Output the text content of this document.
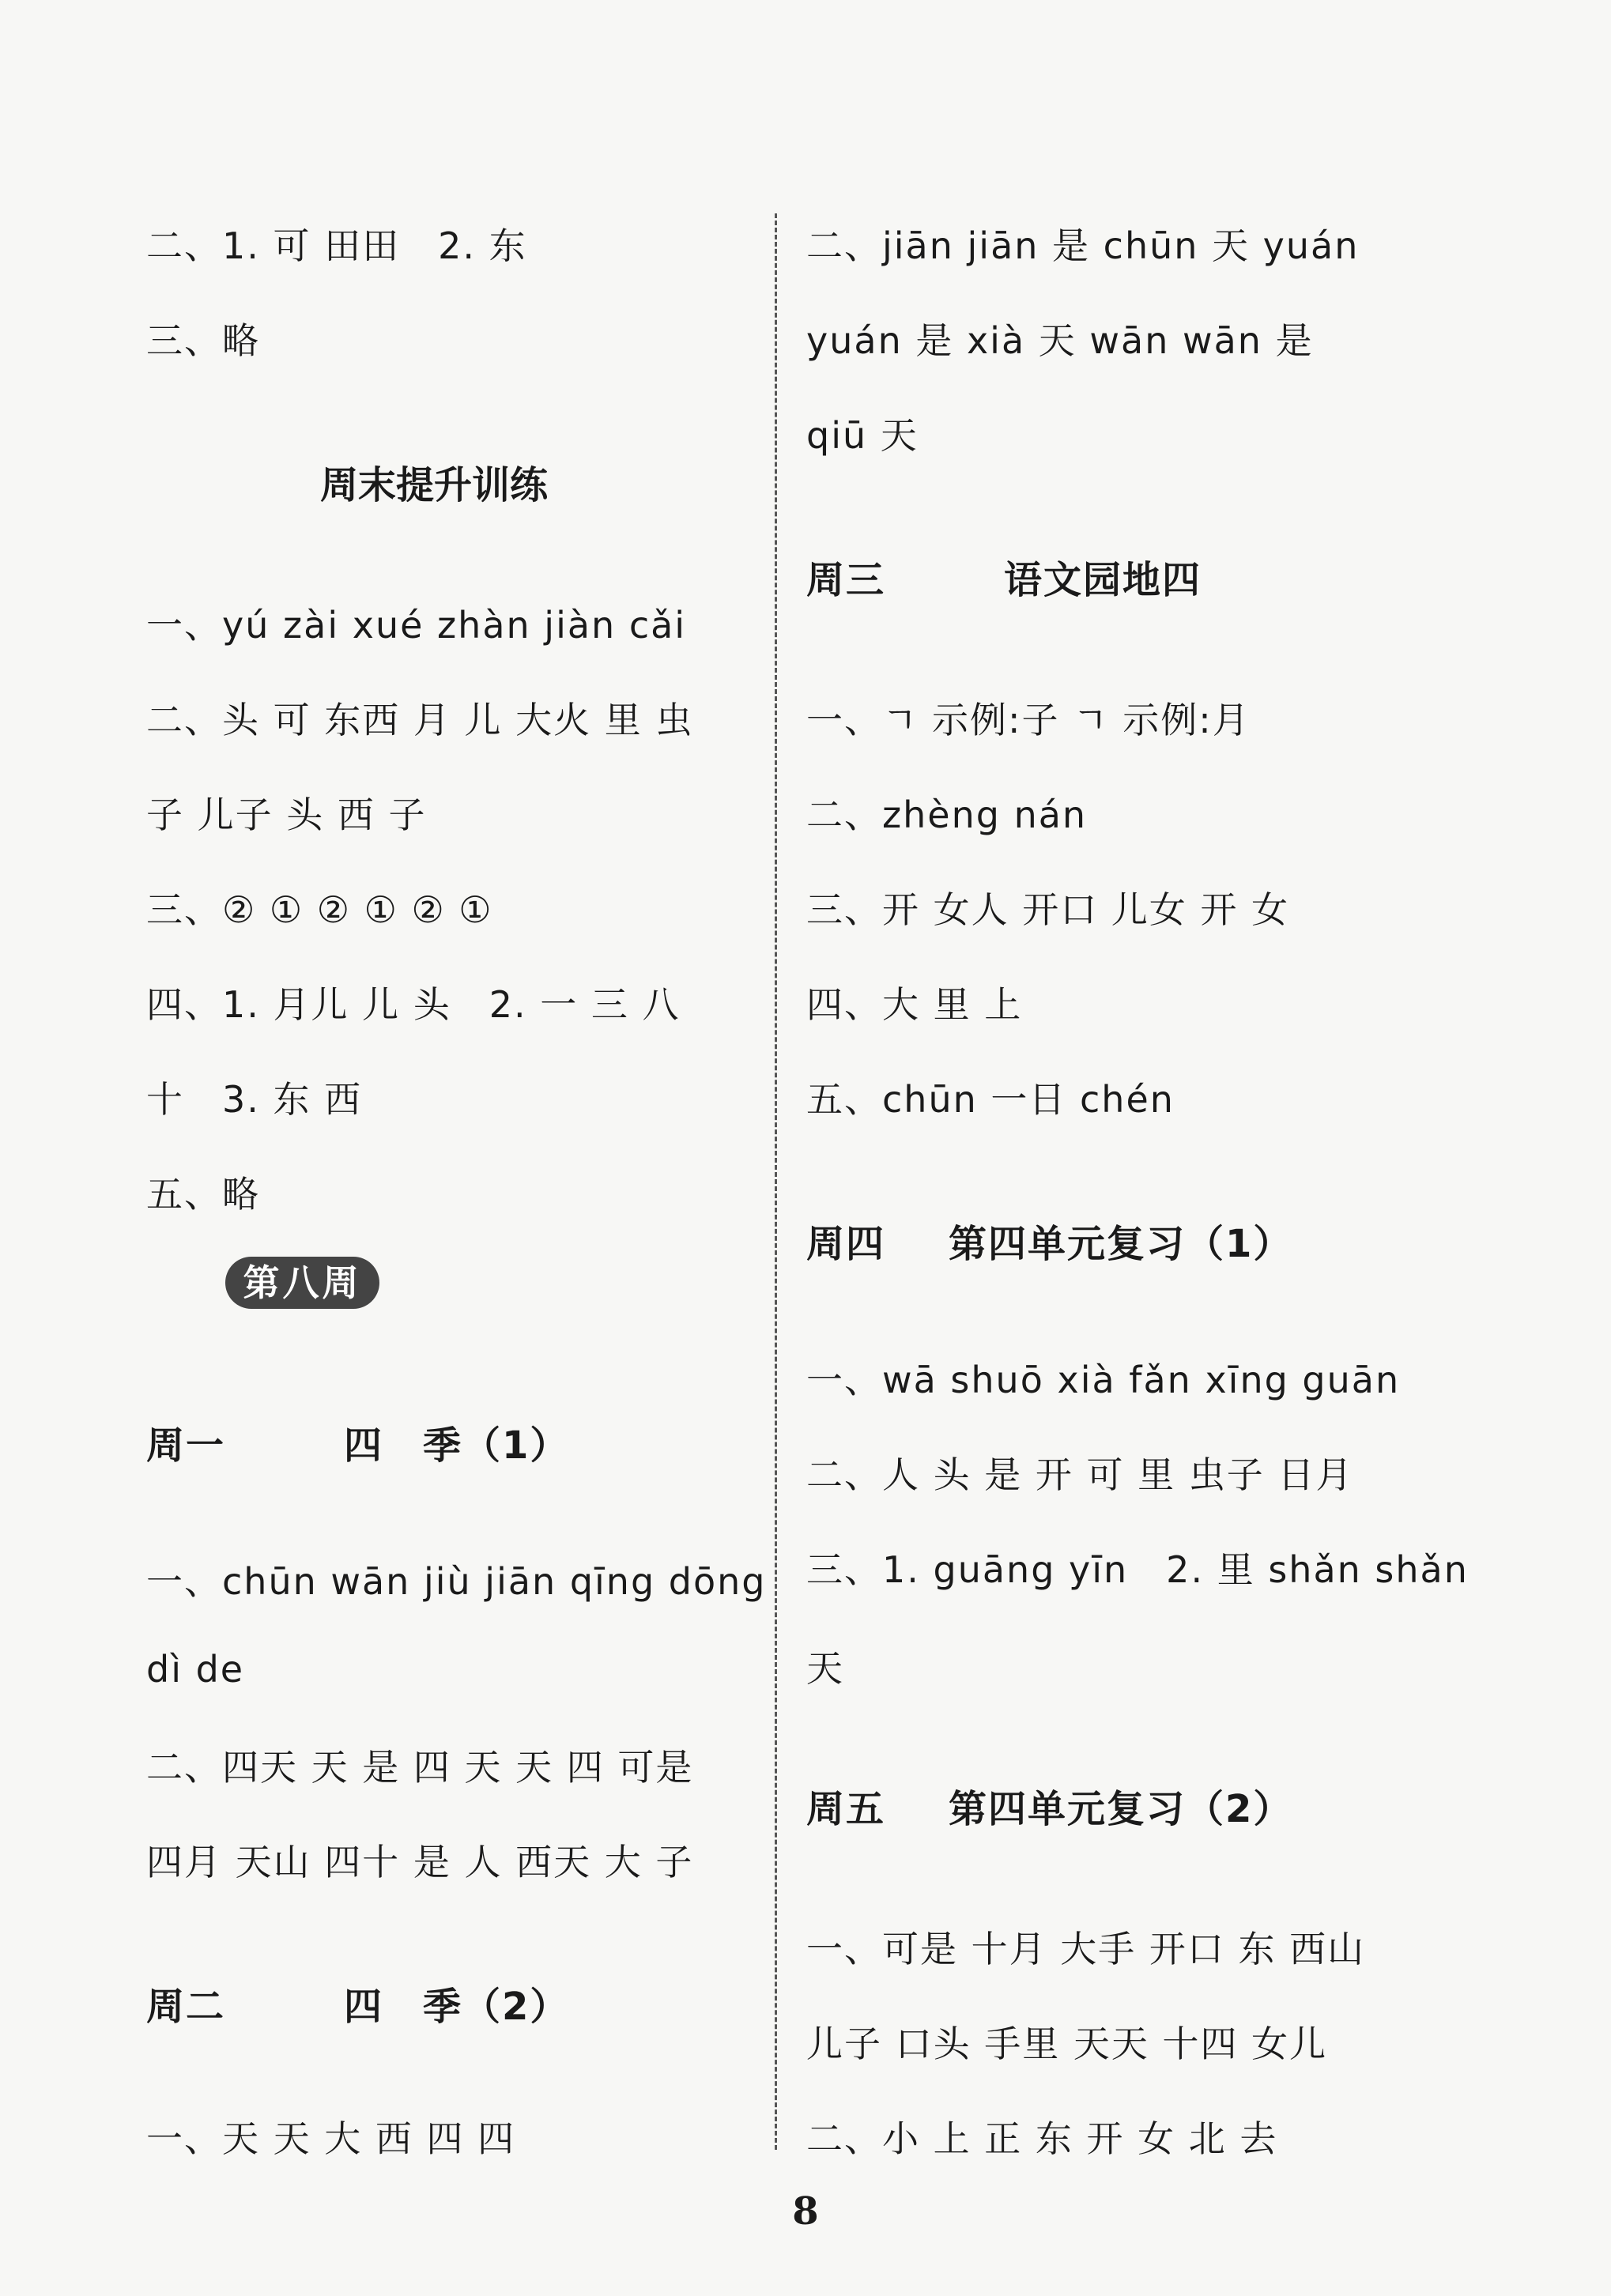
二、1. 可 田田　2. 东
三、略
周末提升训练
一、yú zài xué zhàn jiàn cǎi
二、头 可 东西 月 儿 大火 里 虫
子 儿子 头 西 子
三、② ① ② ① ② ①
四、1. 月儿 儿 头　2. 一 三 八
十　3. 东 西
五、略
周一	四　季（1）
一、chūn wān jiù jiān qīng dōng
dì de
二、四天 天 是 四 天 天 四 可是
四月 天山 四十 是 人 西天 大 子
周二	四　季（2）
一、天 天 大 西 四 四
第八周
二、jiān jiān 是 chūn 天 yuán
yuán 是 xià 天 wān wān 是
qiū 天
周三	语文园地四
一、ㄱ 示例:子 ㄱ 示例:月
二、zhèng nán
三、开 女人 开口 儿女 开 女
四、大 里 上
五、chūn 一日 chén
周四 第四单元复习（1）
一、wā shuō xià fǎn xīng guān
二、人 头 是 开 可 里 虫子 日月
三、1. guāng yīn　2. 里 shǎn shǎn
天
周五 第四单元复习（2）
一、可是 十月 大手 开口 东 西山
儿子 口头 手里 天天 十四 女儿
二、小 上 正 东 开 女 北 去
8
